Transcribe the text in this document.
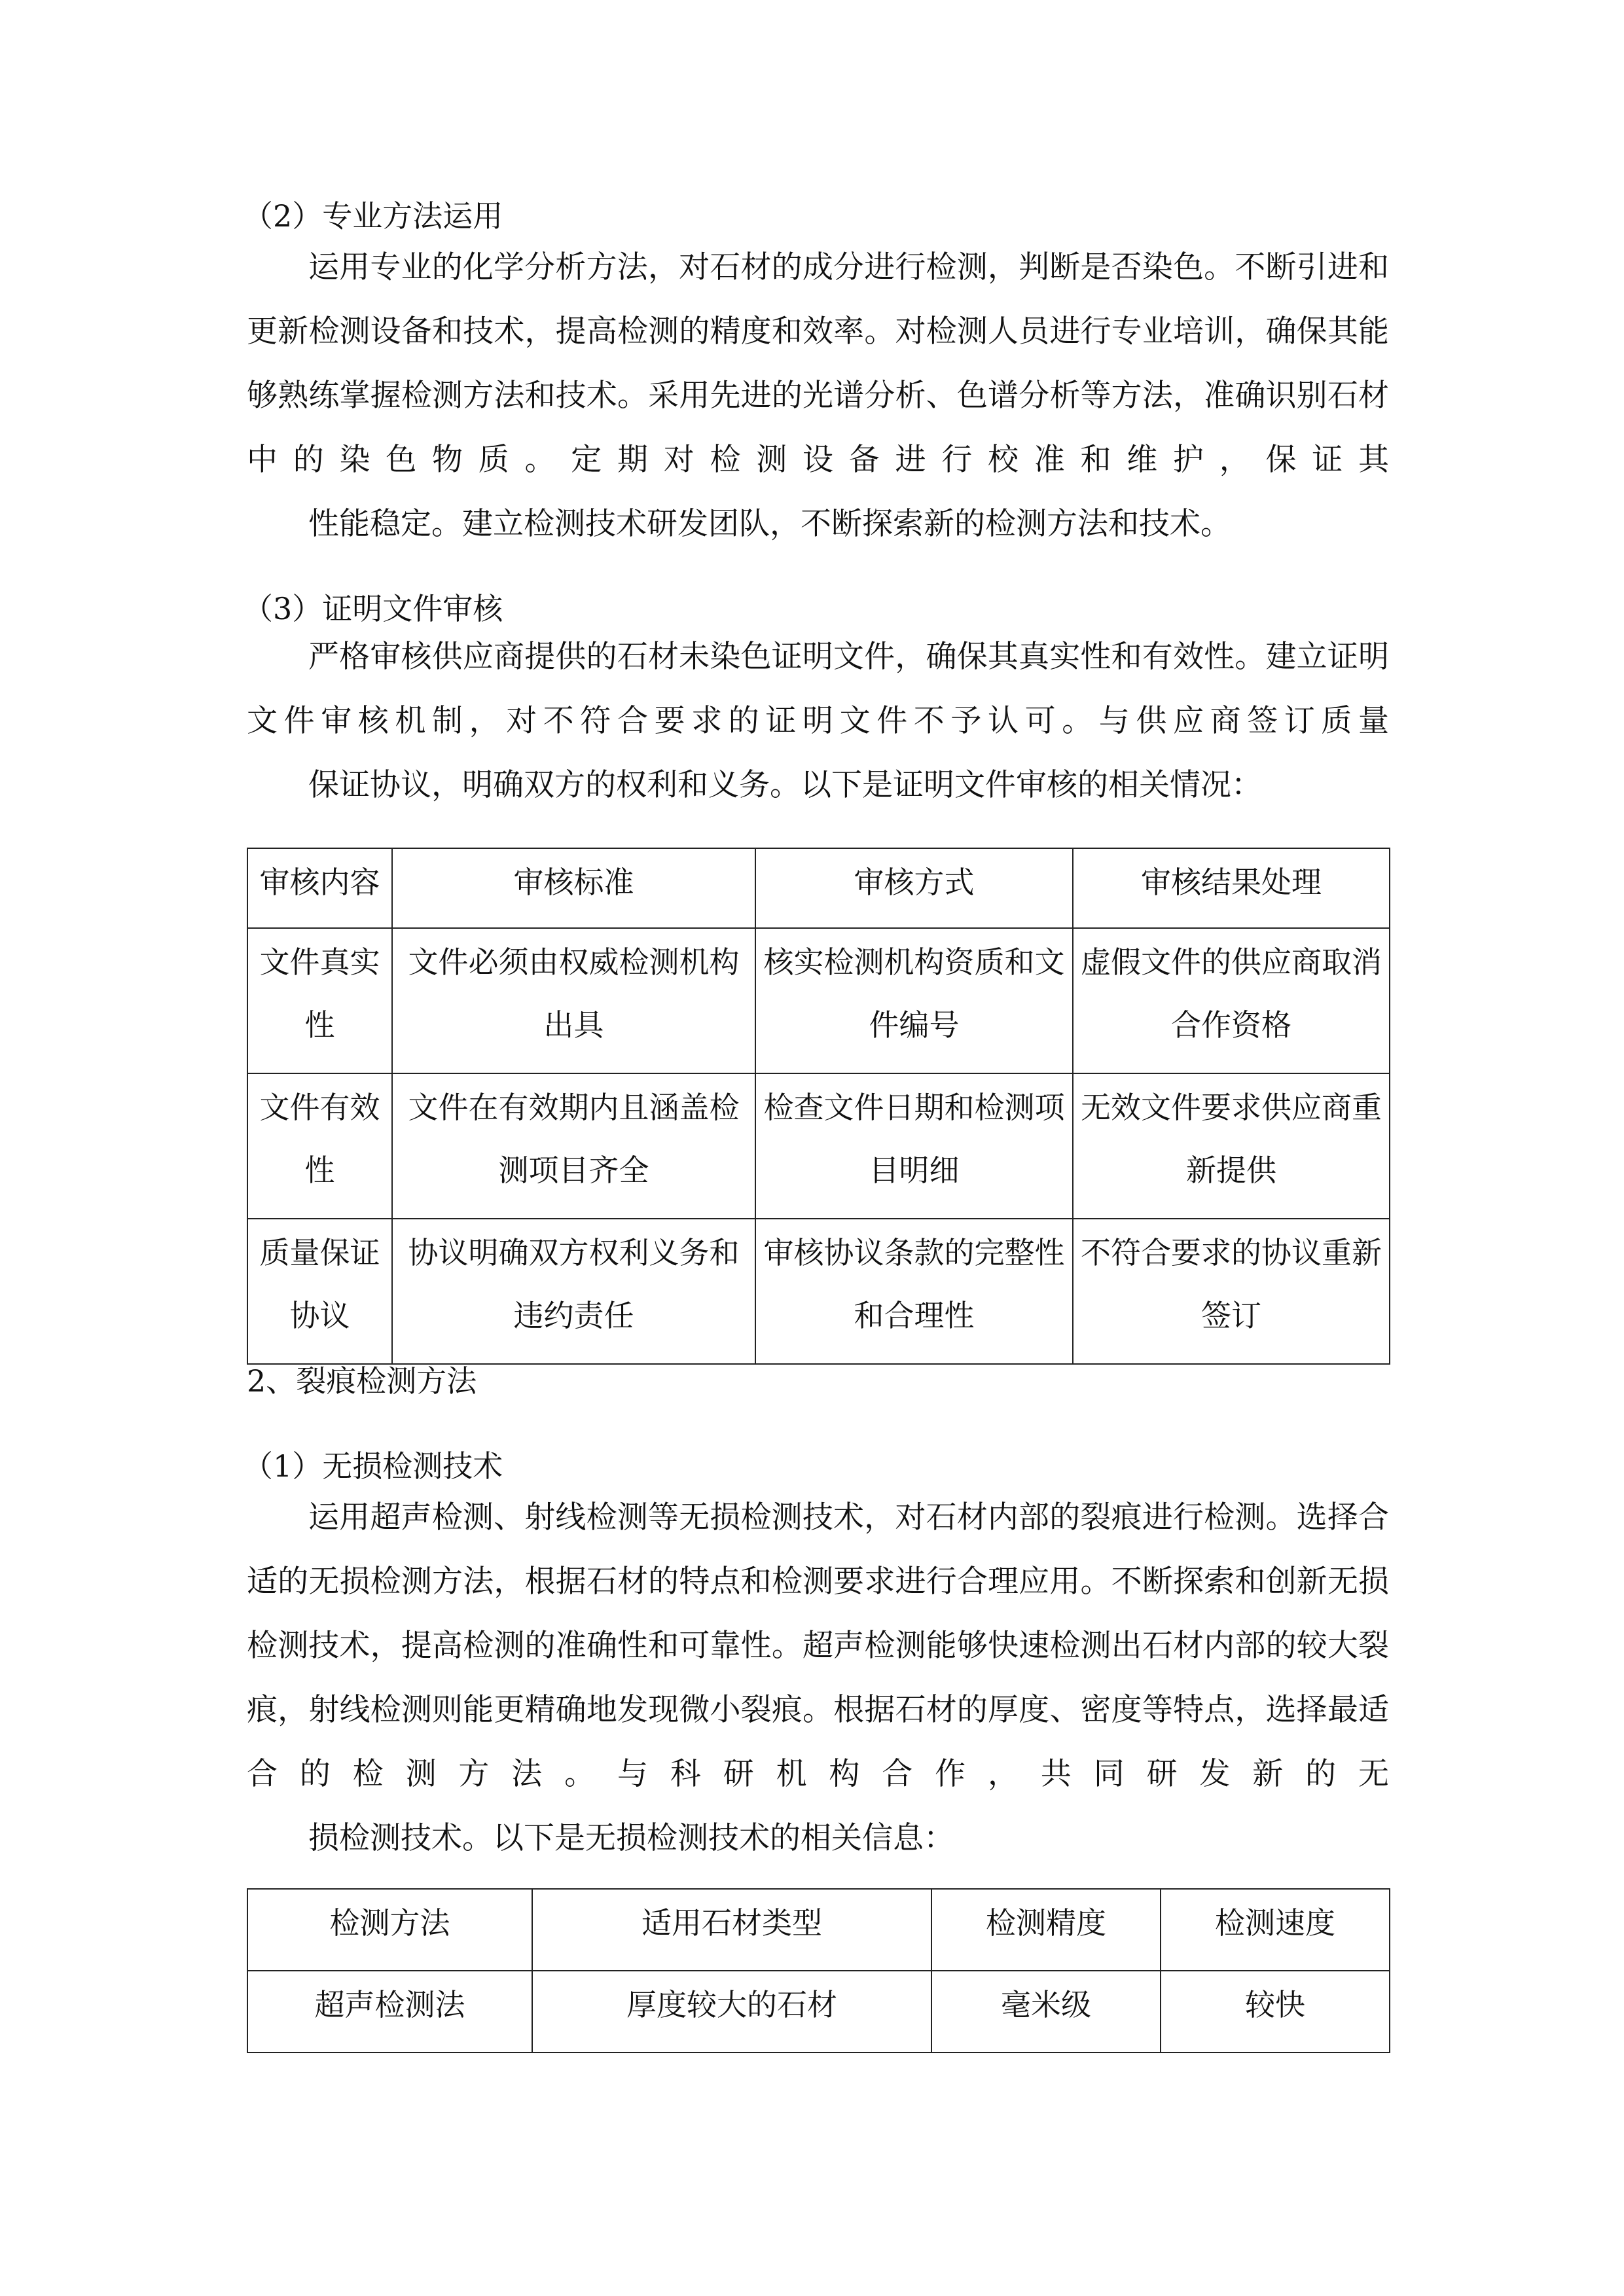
（2）专业方法运用

运用专业的化学分析方法，对石材的成分进行检测，判断是否染色。不断引进和更新检测设备和技术，提高检测的精度和效率。对检测人员进行专业培训，确保其能够熟练掌握检测方法和技术。采用先进的光谱分析、色谱分析等方法，准确识别石材中的染色物质。定期对检测设备进行校准和维护，保证其
性能稳定。建立检测技术研发团队，不断探索新的检测方法和技术。

（3）证明文件审核

严格审核供应商提供的石材未染色证明文件，确保其真实性和有效性。建立证明文件审核机制，对不符合要求的证明文件不予认可。与供应商签订质量
保证协议，明确双方的权利和义务。以下是证明文件审核的相关情况：
审核内容	审核标准	审核方式	审核结果处理
文件真实性	文件必须由权威检测机构出具	核实检测机构资质和文件编号	虚假文件的供应商取消合作资格
文件有效性	文件在有效期内且涵盖检测项目齐全	检查文件日期和检测项目明细	无效文件要求供应商重新提供
质量保证协议	协议明确双方权利义务和违约责任	审核协议条款的完整性和合理性	不符合要求的协议重新签订

2、裂痕检测方法

（1）无损检测技术

运用超声检测、射线检测等无损检测技术，对石材内部的裂痕进行检测。选择合适的无损检测方法，根据石材的特点和检测要求进行合理应用。不断探索和创新无损检测技术，提高检测的准确性和可靠性。超声检测能够快速检测出石材内部的较大裂痕，射线检测则能更精确地发现微小裂痕。根据石材的厚度、密度等特点，选择最适合的检测方法。与科研机构合作，共同研发新的无
损检测技术。以下是无损检测技术的相关信息：
检测方法	适用石材类型	检测精度	检测速度
超声检测法	厚度较大的石材	毫米级	较快
